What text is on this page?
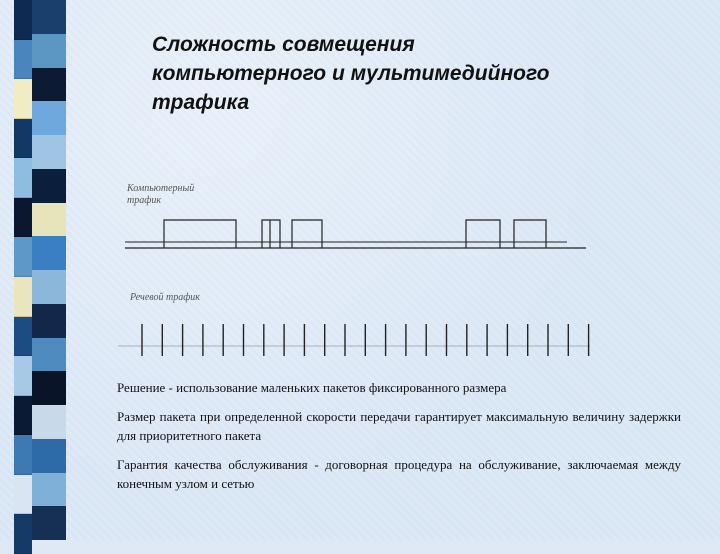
Сложность совмещения компьютерного и мультимедийного трафика
Компьютерный
трафик
Речевой трафик

Решение - использование маленьких пакетов фиксированного размера

Размер пакета при определенной скорости передачи гарантирует максимальную величину задержки для приоритетного пакета

Гарантия качества обслуживания - договорная процедура на обслуживание, заключаемая между конечным узлом и сетью
